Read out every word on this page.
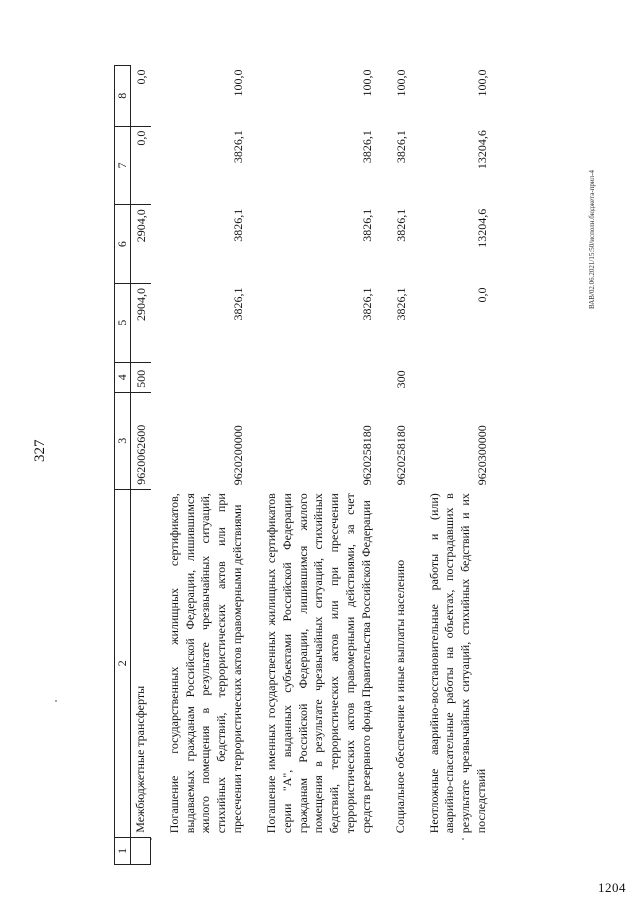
327
ВАВ/02.06.2021/15:50/исполн.бюджета-прил-4
1204
1	2	3	4	5	6	7	8
	Межбюджетные трансферты	9620062600	500	2904,0	2904,0	0,0	0,0
	Погашение государственных жилищных сертификатов, выдаваемых гражданам Российской Федерации, лишившимся жилого помещения в результате чрезвычайных ситуаций, стихийных бедствий, террористических актов или при пресечении террористических актов правомерными действиями	9620200000		3826,1	3826,1	3826,1	100,0
	Погашение именных государственных жилищных сертификатов серии "А", выданных субъектами Российской Федерации гражданам Российской Федерации, лишившимся жилого помещения в результате чрезвычайных ситуаций, стихийных бедствий, террористических актов или при пресечении террористических актов правомерными действиями, за счет средств резервного фонда Правительства Российской Федерации	9620258180		3826,1	3826,1	3826,1	100,0
	Социальное обеспечение и иные выплаты населению	9620258180	300	3826,1	3826,1	3826,1	100,0
	Неотложные аварийно-восстановительные работы и (или) аварийно-спасательные работы на объектах, пострадавших в результате чрезвычайных ситуаций, стихийных бедствий и их последствий	9620300000		0,0	13204,6	13204,6	100,0
